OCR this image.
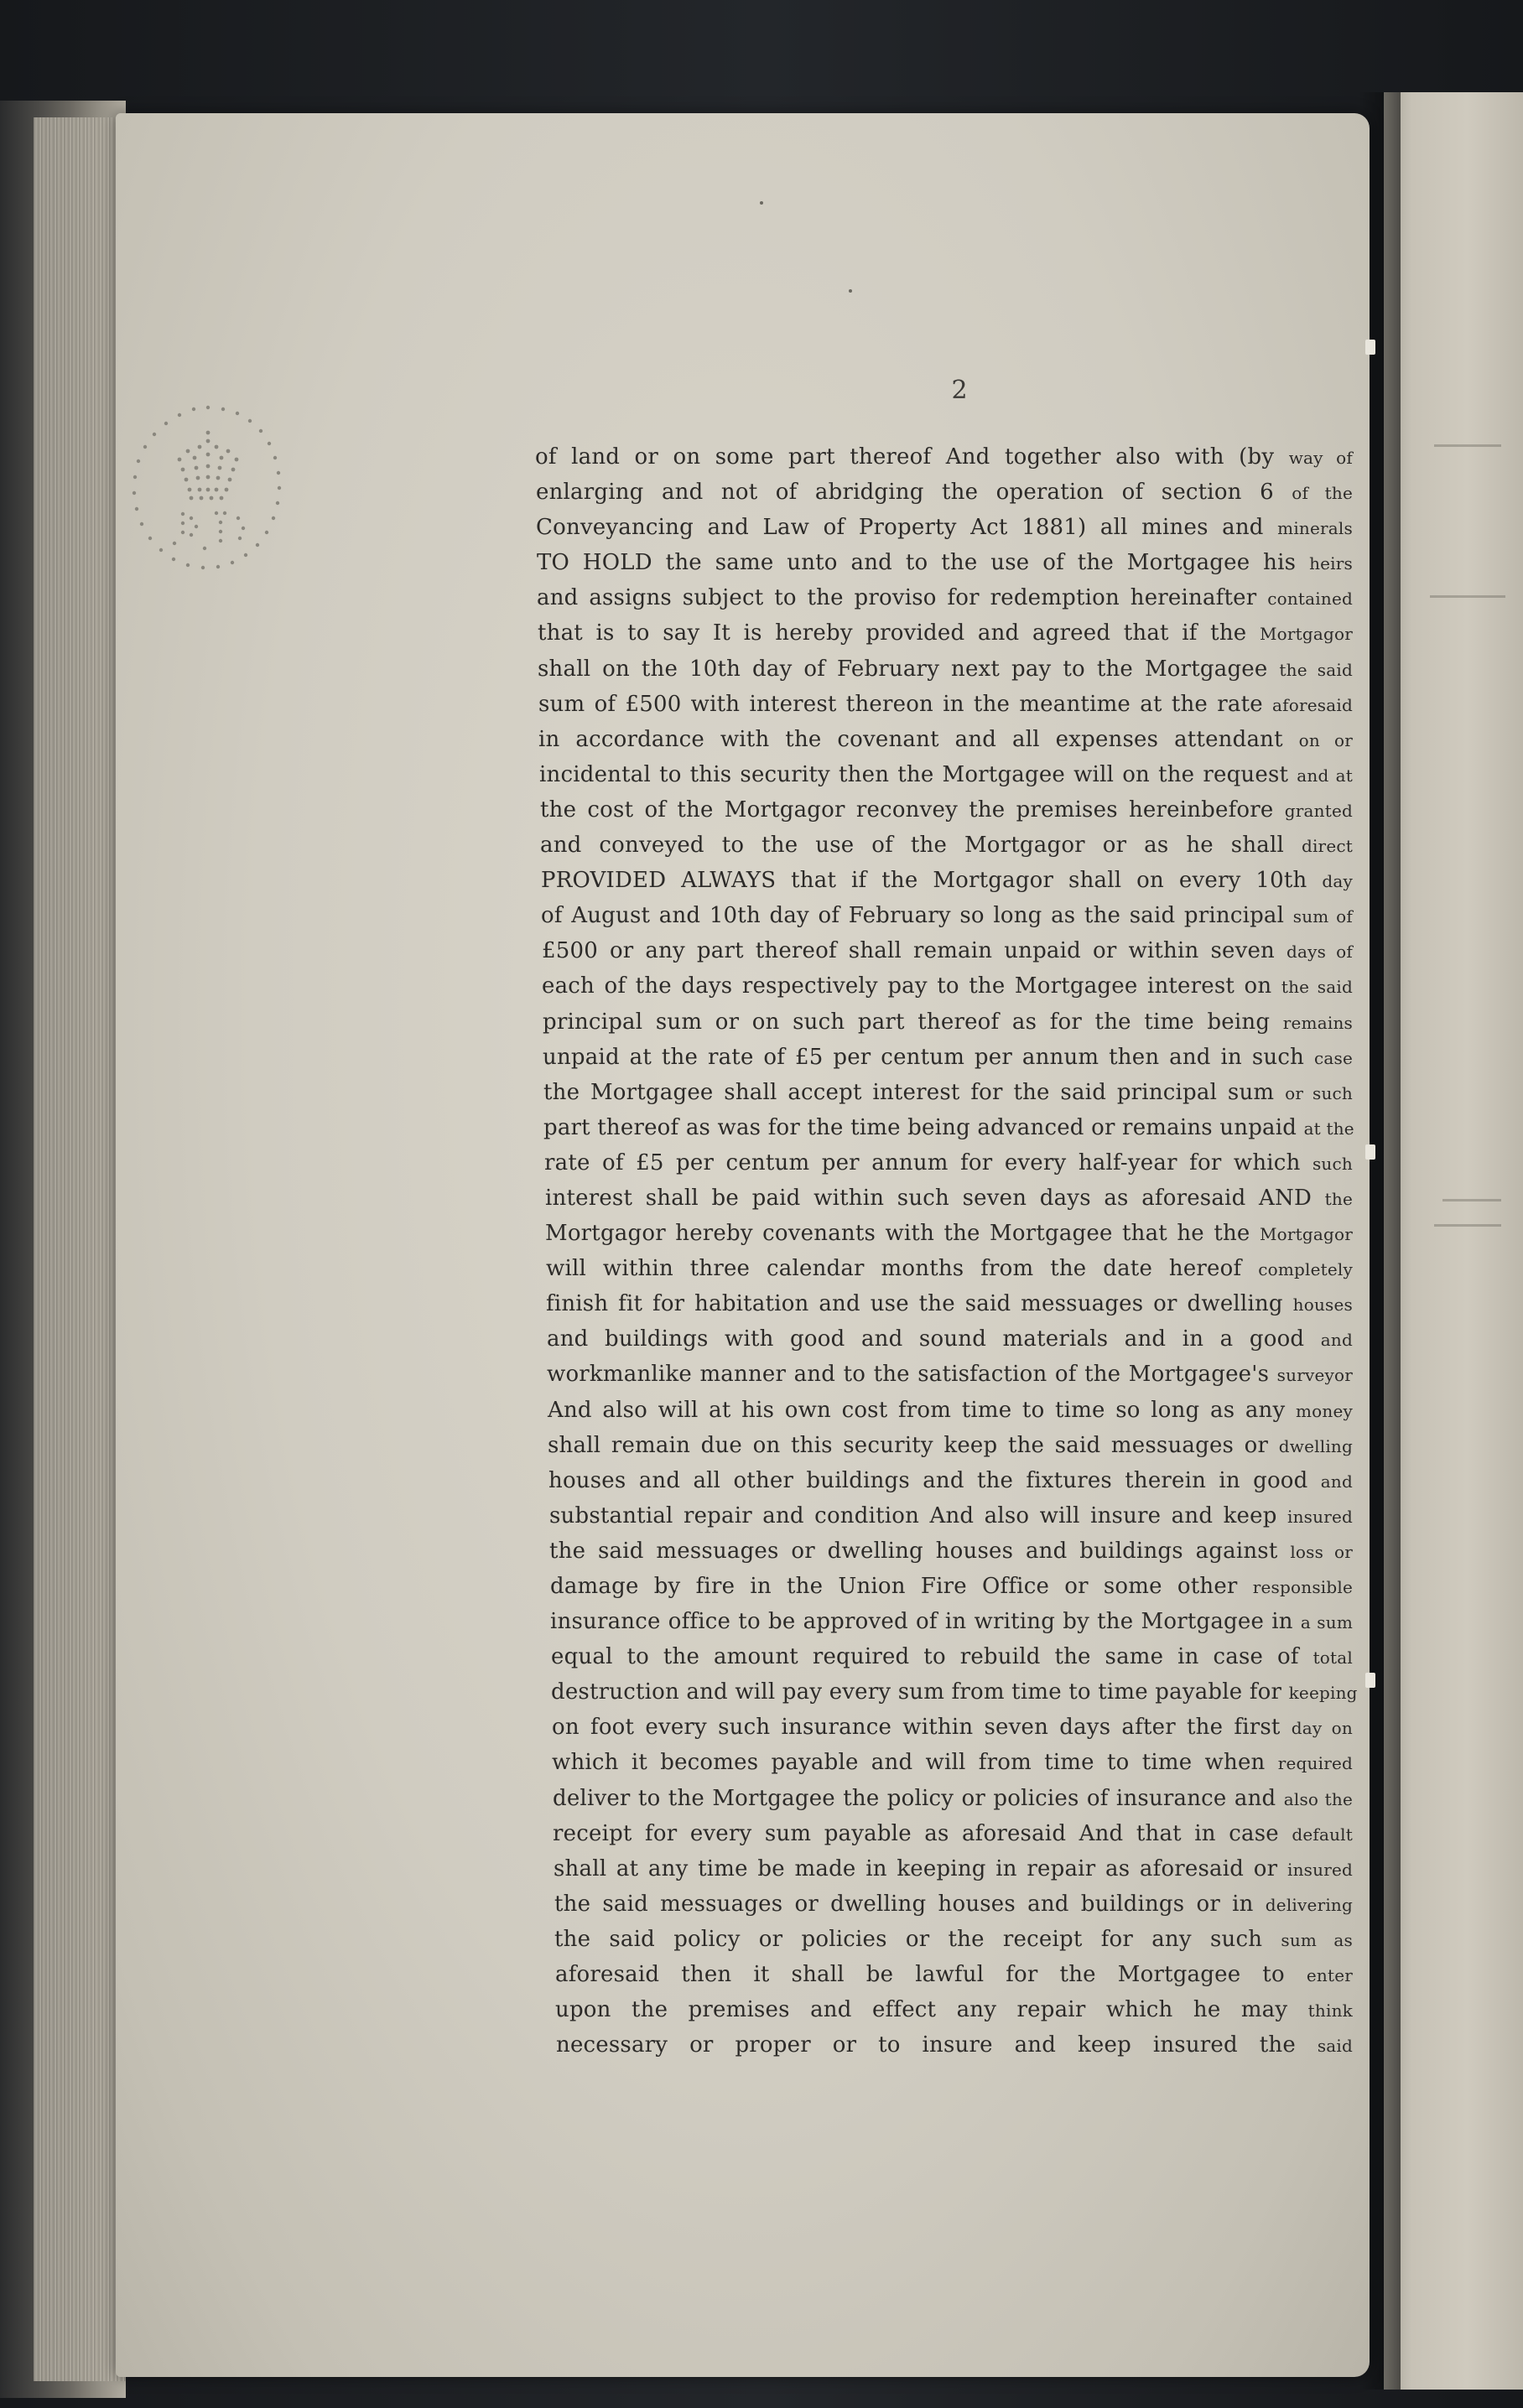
2
of land or on some part thereof And together also with (by way of
enlarging and not of abridging the operation of section 6 of the
Conveyancing and Law of Property Act 1881) all mines and minerals
TO HOLD the same unto and to the use of the Mortgagee his heirs
and assigns subject to the proviso for redemption hereinafter contained
that is to say It is hereby provided and agreed that if the Mortgagor
shall on the 10th day of February next pay to the Mortgagee the said
sum of £500 with interest thereon in the meantime at the rate aforesaid
in accordance with the covenant and all expenses attendant on or
incidental to this security then the Mortgagee will on the request and at
the cost of the Mortgagor reconvey the premises hereinbefore granted
and conveyed to the use of the Mortgagor or as he shall direct
PROVIDED ALWAYS that if the Mortgagor shall on every 10th day
of August and 10th day of February so long as the said principal sum of
£500 or any part thereof shall remain unpaid or within seven days of
each of the days respectively pay to the Mortgagee interest on the said
principal sum or on such part thereof as for the time being remains
unpaid at the rate of £5 per centum per annum then and in such case
the Mortgagee shall accept interest for the said principal sum or such
part thereof as was for the time being advanced or remains unpaid at the
rate of £5 per centum per annum for every half-year for which such
interest shall be paid within such seven days as aforesaid AND the
Mortgagor hereby covenants with the Mortgagee that he the Mortgagor
will within three calendar months from the date hereof completely
finish fit for habitation and use the said messuages or dwelling houses
and buildings with good and sound materials and in a good and
workmanlike manner and to the satisfaction of the Mortgagee's surveyor
And also will at his own cost from time to time so long as any money
shall remain due on this security keep the said messuages or dwelling
houses and all other buildings and the fixtures therein in good and
substantial repair and condition And also will insure and keep insured
the said messuages or dwelling houses and buildings against loss or
damage by fire in the Union Fire Office or some other responsible
insurance office to be approved of in writing by the Mortgagee in a sum
equal to the amount required to rebuild the same in case of total
destruction and will pay every sum from time to time payable for keeping
on foot every such insurance within seven days after the first day on
which it becomes payable and will from time to time when required
deliver to the Mortgagee the policy or policies of insurance and also the
receipt for every sum payable as aforesaid And that in case default
shall at any time be made in keeping in repair as aforesaid or insured
the said messuages or dwelling houses and buildings or in delivering
the said policy or policies or the receipt for any such sum as
aforesaid then it shall be lawful for the Mortgagee to enter
upon the premises and effect any repair which he may think
necessary or proper or to insure and keep insured the said
